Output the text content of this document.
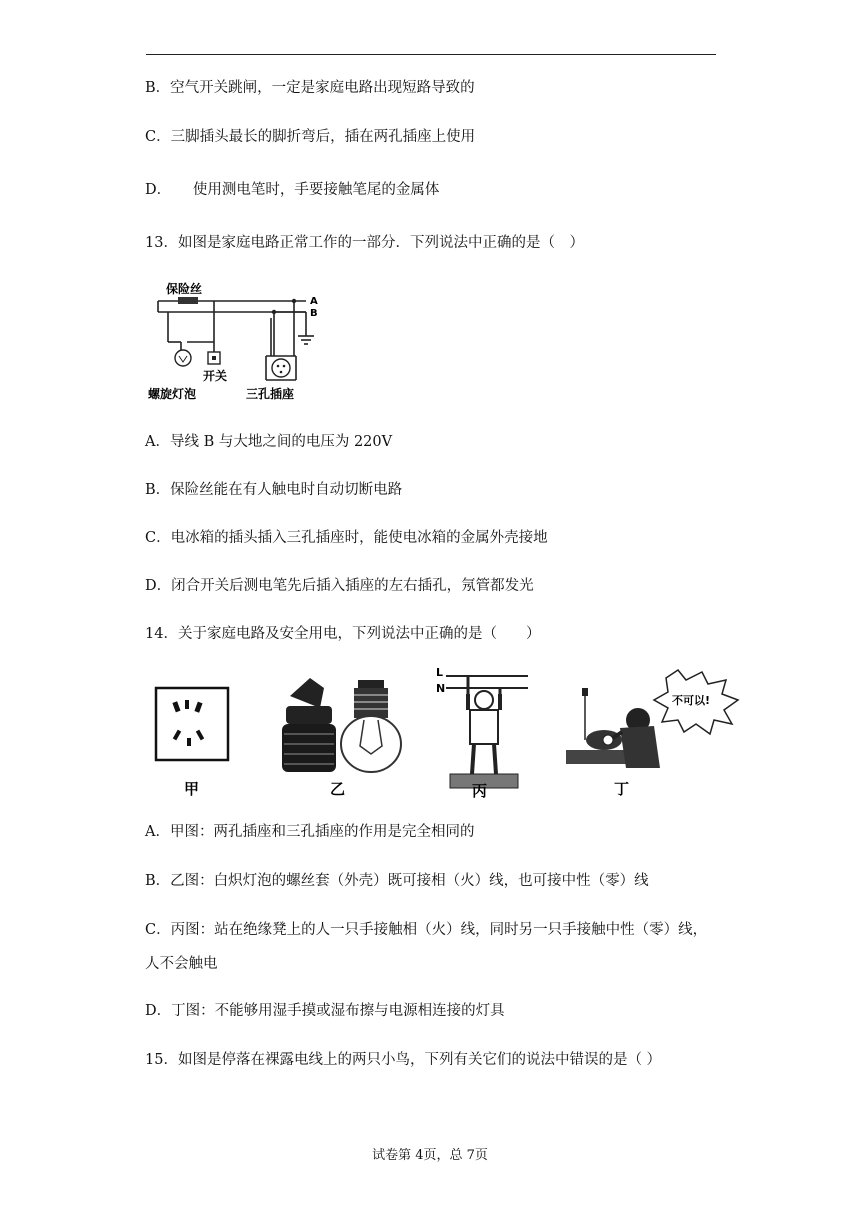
B．空气开关跳闸，一定是家庭电路出现短路导致的
C．三脚插头最长的脚折弯后，插在两孔插座上使用
D．　　使用测电笔时，手要接触笔尾的金属体
13．如图是家庭电路正常工作的一部分．下列说法中正确的是（　）
保险丝
A
B
开关
螺旋灯泡	三孔插座
A．导线 B 与大地之间的电压为 220V
B．保险丝能在有人触电时自动切断电路
C．电冰箱的插头插入三孔插座时，能使电冰箱的金属外壳接地
D．闭合开关后测电笔先后插入插座的左右插孔，氖管都发光
14．关于家庭电路及安全用电，下列说法中正确的是（　　）
甲	乙
L
N
丙
不可以!
丁
A．甲图：两孔插座和三孔插座的作用是完全相同的
B．乙图：白炽灯泡的螺丝套（外壳）既可接相（火）线，也可接中性（零）线
C．丙图：站在绝缘凳上的人一只手接触相（火）线，同时另一只手接触中性（零）线，
人不会触电
D．丁图：不能够用湿手摸或湿布擦与电源相连接的灯具
15．如图是停落在裸露电线上的两只小鸟，下列有关它们的说法中错误的是（ ）
试卷第 4页，总 7页
